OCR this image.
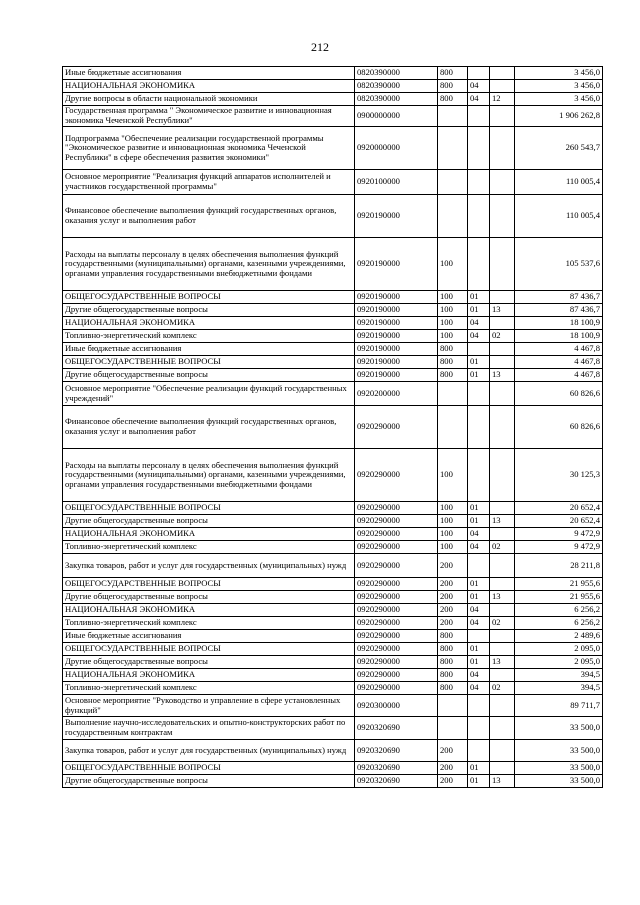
212
Иные бюджетные ассигнования	0820390000	800			3 456,0
НАЦИОНАЛЬНАЯ ЭКОНОМИКА	0820390000	800	04		3 456,0
Другие вопросы в области национальной экономики	0820390000	800	04	12	3 456,0
Государственная программа " Экономическое развитие и инновационная экономика Чеченской Республики"	0900000000				1 906 262,8
Подпрограмма "Обеспечение реализации государственной программы "Экономическое развитие и инновационная экономика Чеченской Республики" в сфере обеспечения развития экономики"	0920000000				260 543,7
Основное мероприятие "Реализация функций аппаратов исполнителей и участников государственной программы"	0920100000				110 005,4
Финансовое обеспечение выполнения функций государственных органов, оказания услуг и выполнения работ	0920190000				110 005,4
Расходы на выплаты персоналу в целях обеспечения выполнения функций государственными (муниципальными) органами, казенными учреждениями, органами управления государственными внебюджетными фондами	0920190000	100			105 537,6
ОБЩЕГОСУДАРСТВЕННЫЕ ВОПРОСЫ	0920190000	100	01		87 436,7
Другие общегосударственные вопросы	0920190000	100	01	13	87 436,7
НАЦИОНАЛЬНАЯ ЭКОНОМИКА	0920190000	100	04		18 100,9
Топливно-энергетический комплекс	0920190000	100	04	02	18 100,9
Иные бюджетные ассигнования	0920190000	800			4 467,8
ОБЩЕГОСУДАРСТВЕННЫЕ ВОПРОСЫ	0920190000	800	01		4 467,8
Другие общегосударственные вопросы	0920190000	800	01	13	4 467,8
Основное мероприятие "Обеспечение реализации функций государственных учреждений"	0920200000				60 826,6
Финансовое обеспечение выполнения функций государственных органов, оказания услуг и выполнения работ	0920290000				60 826,6
Расходы на выплаты персоналу в целях обеспечения выполнения функций государственными (муниципальными) органами, казенными учреждениями, органами управления государственными внебюджетными фондами	0920290000	100			30 125,3
ОБЩЕГОСУДАРСТВЕННЫЕ ВОПРОСЫ	0920290000	100	01		20 652,4
Другие общегосударственные вопросы	0920290000	100	01	13	20 652,4
НАЦИОНАЛЬНАЯ ЭКОНОМИКА	0920290000	100	04		9 472,9
Топливно-энергетический комплекс	0920290000	100	04	02	9 472,9
Закупка товаров, работ и услуг для государственных (муниципальных) нужд	0920290000	200			28 211,8
ОБЩЕГОСУДАРСТВЕННЫЕ ВОПРОСЫ	0920290000	200	01		21 955,6
Другие общегосударственные вопросы	0920290000	200	01	13	21 955,6
НАЦИОНАЛЬНАЯ ЭКОНОМИКА	0920290000	200	04		6 256,2
Топливно-энергетический комплекс	0920290000	200	04	02	6 256,2
Иные бюджетные ассигнования	0920290000	800			2 489,6
ОБЩЕГОСУДАРСТВЕННЫЕ ВОПРОСЫ	0920290000	800	01		2 095,0
Другие общегосударственные вопросы	0920290000	800	01	13	2 095,0
НАЦИОНАЛЬНАЯ ЭКОНОМИКА	0920290000	800	04		394,5
Топливно-энергетический комплекс	0920290000	800	04	02	394,5
Основное мероприятие "Руководство и управление в сфере установленных функций"	0920300000				89 711,7
Выполнение научно-исследовательских и опытно-конструкторских работ по государственным контрактам	0920320690				33 500,0
Закупка товаров, работ и услуг для государственных (муниципальных) нужд	0920320690	200			33 500,0
ОБЩЕГОСУДАРСТВЕННЫЕ ВОПРОСЫ	0920320690	200	01		33 500,0
Другие общегосударственные вопросы	0920320690	200	01	13	33 500,0
